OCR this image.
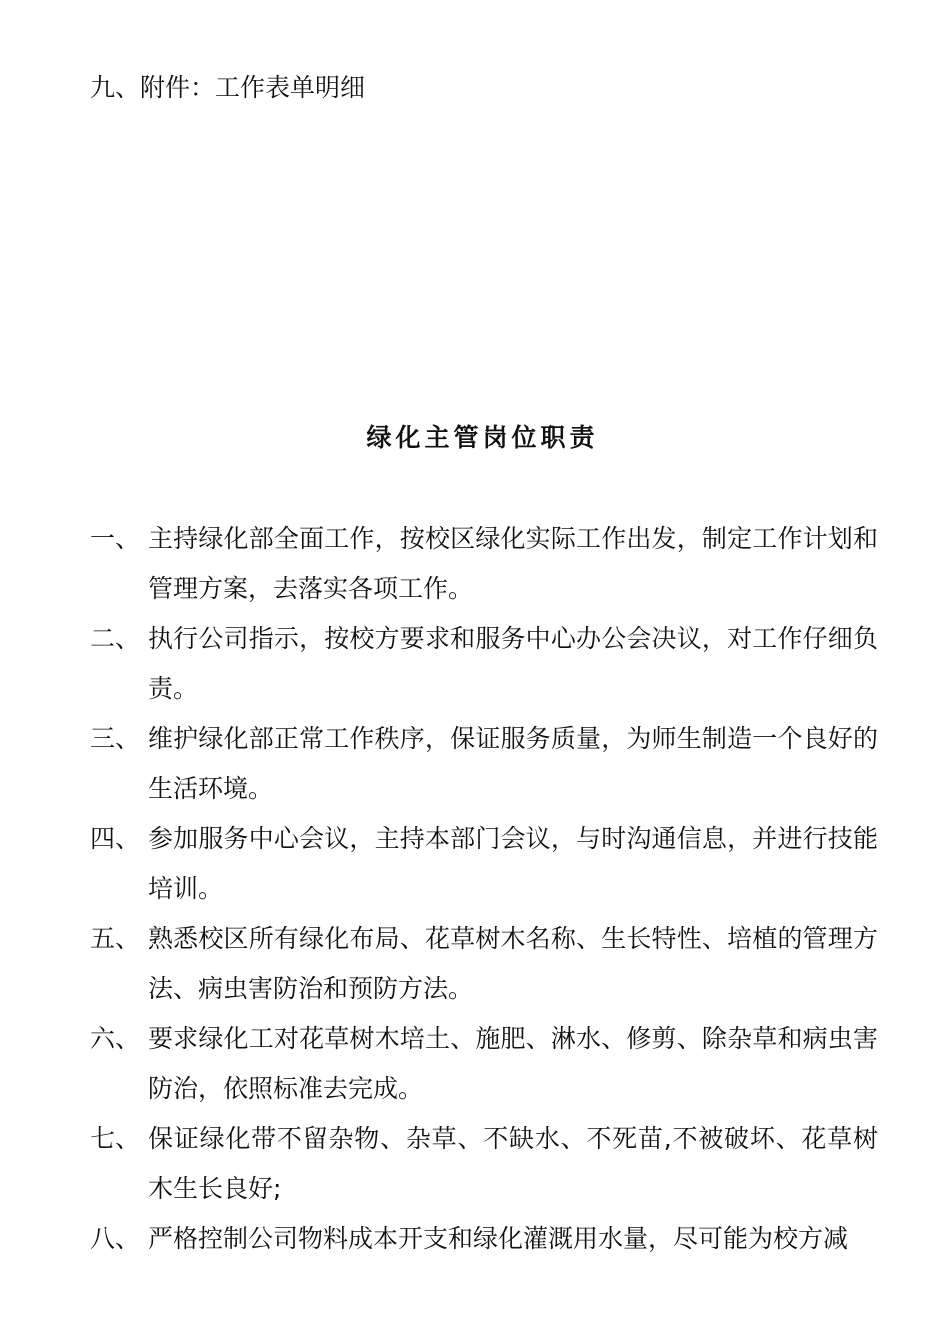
九、附件：工作表单明细
绿化主管岗位职责
一、 主持绿化部全面工作，按校区绿化实际工作出发，制定工作计划和管理方案，去落实各项工作。
二、 执行公司指示，按校方要求和服务中心办公会决议，对工作仔细负责。
三、 维护绿化部正常工作秩序，保证服务质量，为师生制造一个良好的生活环境。
四、 参加服务中心会议，主持本部门会议，与时沟通信息，并进行技能培训。
五、 熟悉校区所有绿化布局、花草树木名称、生长特性、培植的管理方法、病虫害防治和预防方法。
六、 要求绿化工对花草树木培土、施肥、淋水、修剪、除杂草和病虫害防治，依照标准去完成。
七、 保证绿化带不留杂物、杂草、不缺水、不死苗,不被破坏、花草树木生长良好;
八、 严格控制公司物料成本开支和绿化灌溉用水量，尽可能为校方减
